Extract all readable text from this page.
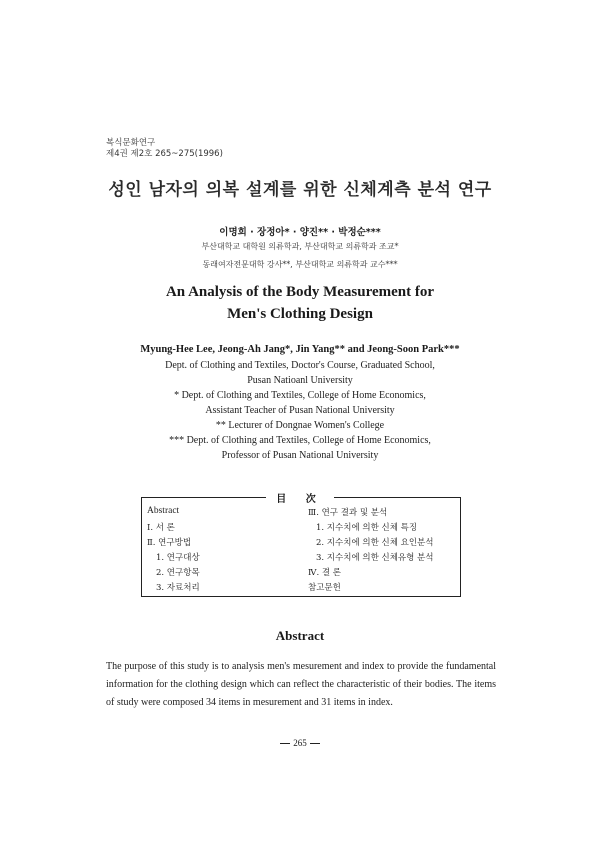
복식문화연구
제4권 제2호 265~275(1996)
성인 남자의 의복 설계를 위한 신체계측 분석 연구
이명희 · 장정아* · 양진** · 박정순***
부산대학교 대학원 의류학과, 부산대학교 의류학과 조교*
동래여자전문대학 강사**, 부산대학교 의류학과 교수***
An Analysis of the Body Measurement for
Men's Clothing Design
Myung-Hee Lee, Jeong-Ah Jang*, Jin Yang** and Jeong-Soon Park***
Dept. of Clothing and Textiles, Doctor's Course, Graduated School,
Pusan Natioanl University
* Dept. of Clothing and Textiles, College of Home Economics,
Assistant Teacher of Pusan National University
** Lecturer of Dongnae Women's College
*** Dept. of Clothing and Textiles, College of Home Economics,
Professor of Pusan National University
目 次
Abstract
Ⅰ. 서 론
Ⅱ. 연구방법
1. 연구대상
2. 연구항목
3. 자료처리
Ⅲ. 연구 결과 및 분석
1. 지수치에 의한 신체 특징
2. 지수치에 의한 신체 요인분석
3. 지수치에 의한 신체유형 분석
Ⅳ. 결 론
참고문헌
Abstract
The purpose of this study is to analysis men's mesurement and index to provide the fundamental information for the clothing design which can reflect the characteristic of their bodies. The items of study were composed 34 items in mesurement and 31 items in index.
265
